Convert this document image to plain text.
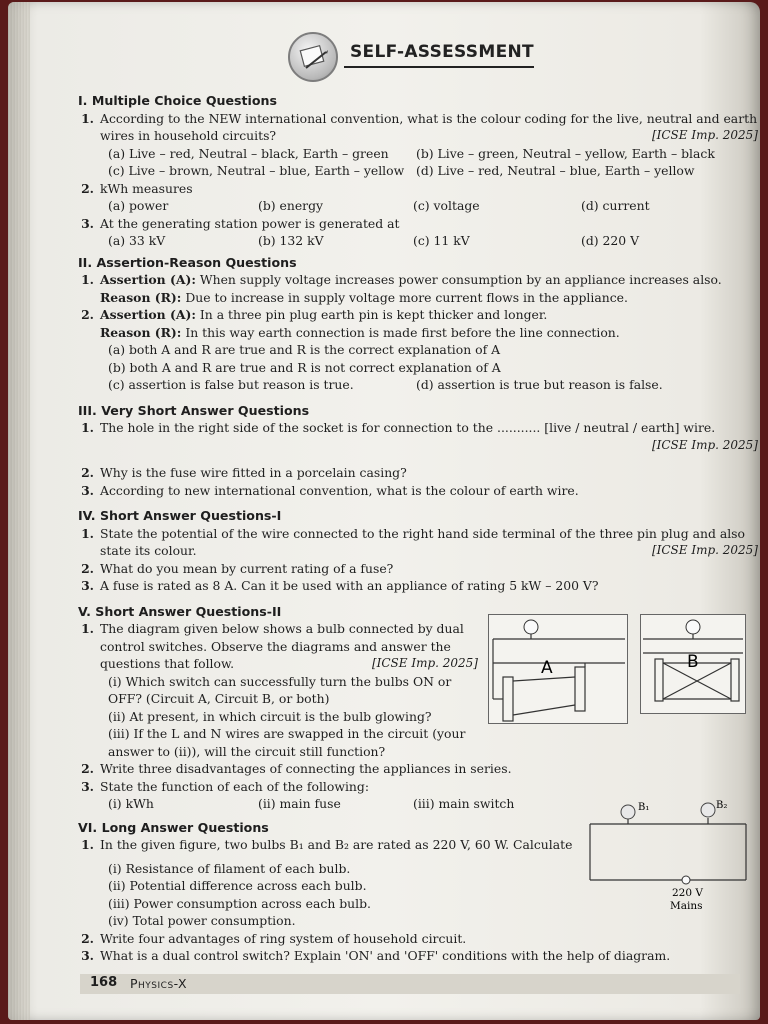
SELF-ASSESSMENT
I. Multiple Choice Questions
1. According to the NEW international convention, what is the colour coding for the live, neutral and earth wires in household circuits?	[ICSE Imp. 2025]
(a) Live – red, Neutral – black, Earth – green	(b) Live – green, Neutral – yellow, Earth – black
(c) Live – brown, Neutral – blue, Earth – yellow (d) Live – red, Neutral – blue, Earth – yellow
2. kWh measures
(a) power	(b) energy	(c) voltage	(d) current
3. At the generating station power is generated at
(a) 33 kV	(b) 132 kV	(c) 11 kV	(d) 220 V
II. Assertion-Reason Questions
1. Assertion (A): When supply voltage increases power consumption by an appliance increases also.
Reason (R): Due to increase in supply voltage more current flows in the appliance.
2. Assertion (A): In a three pin plug earth pin is kept thicker and longer.
Reason (R): In this way earth connection is made first before the line connection.
(a) both A and R are true and R is the correct explanation of A
(b) both A and R are true and R is not correct explanation of A
(c) assertion is false but reason is true.	(d) assertion is true but reason is false.
III. Very Short Answer Questions
1. The hole in the right side of the socket is for connection to the ........... [live / neutral / earth] wire.

[ICSE Imp. 2025]
2. Why is the fuse wire fitted in a porcelain casing?
3. According to new international convention, what is the colour of earth wire.
IV. Short Answer Questions-I
1. State the potential of the wire connected to the right hand side terminal of the three pin plug and also state its colour.	[ICSE Imp. 2025]
2. What do you mean by current rating of a fuse?
3. A fuse is rated as 8 A. Can it be used with an appliance of rating 5 kW – 200 V?
V. Short Answer Questions-II
1. The diagram given below shows a bulb connected by dual control switches. Observe the diagrams and answer the questions that follow.	[ICSE Imp. 2025]
(i) Which switch can successfully turn the bulbs ON or OFF? (Circuit A, Circuit B, or both)
(ii) At present, in which circuit is the bulb glowing?
(iii) If the L and N wires are swapped in the circuit (your answer to (ii)), will the circuit still function?
2. Write three disadvantages of connecting the appliances in series.
3. State the function of each of the following:
(i) kWh	(ii) main fuse	(iii) main switch
VI. Long Answer Questions
1. In the given figure, two bulbs B₁ and B₂ are rated as 220 V, 60 W. Calculate
(i) Resistance of filament of each bulb.
(ii) Potential difference across each bulb.
(iii) Power consumption across each bulb.
(iv) Total power consumption.
2. Write four advantages of ring system of household circuit.
3. What is a dual control switch? Explain 'ON' and 'OFF' conditions with the help of diagram.
A	B
B₁	B₂
220 V
Mains
168 Physics-X
